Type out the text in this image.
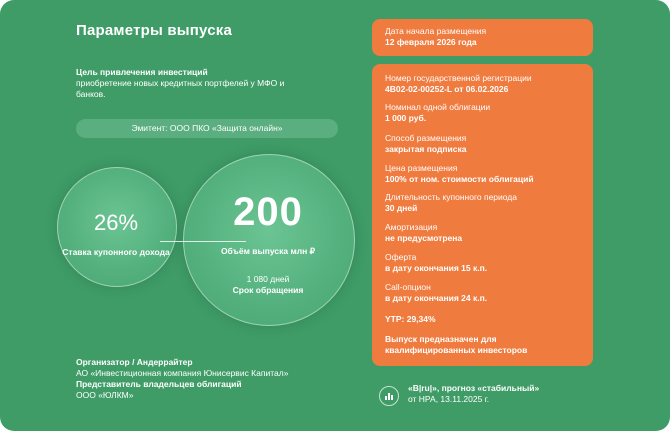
Параметры выпуска
Цель привлечения инвестиций
приобретение новых кредитных портфелей у МФО и банков.
Эмитент: ООО ПКО «Защита онлайн»
26%
Ставка купонного дохода
200
Объём выпуска млн ₽
1 080 дней
Срок обращения
Организатор / Андеррайтер
АО «Инвестиционная компания Юнисервис Капитал»
Представитель владельцев облигаций
ООО «ЮЛКМ»
Дата начала размещения
12 февраля 2026 года
Номер государственной регистрации
4B02-02-00252-L от 06.02.2026
Номинал одной облигации
1 000 руб.
Способ размещения
закрытая подписка
Цена размещения
100% от ном. стоимости облигаций
Длительность купонного периода
30 дней
Амортизация
не предусмотрена
Оферта
в дату окончания 15 к.п.
Call-опцион
в дату окончания 24 к.п.
YTP: 29,34%
Выпуск предназначен для квалифицированных инвесторов
«B|ru|», прогноз «стабильный»
от НРА, 13.11.2025 г.
